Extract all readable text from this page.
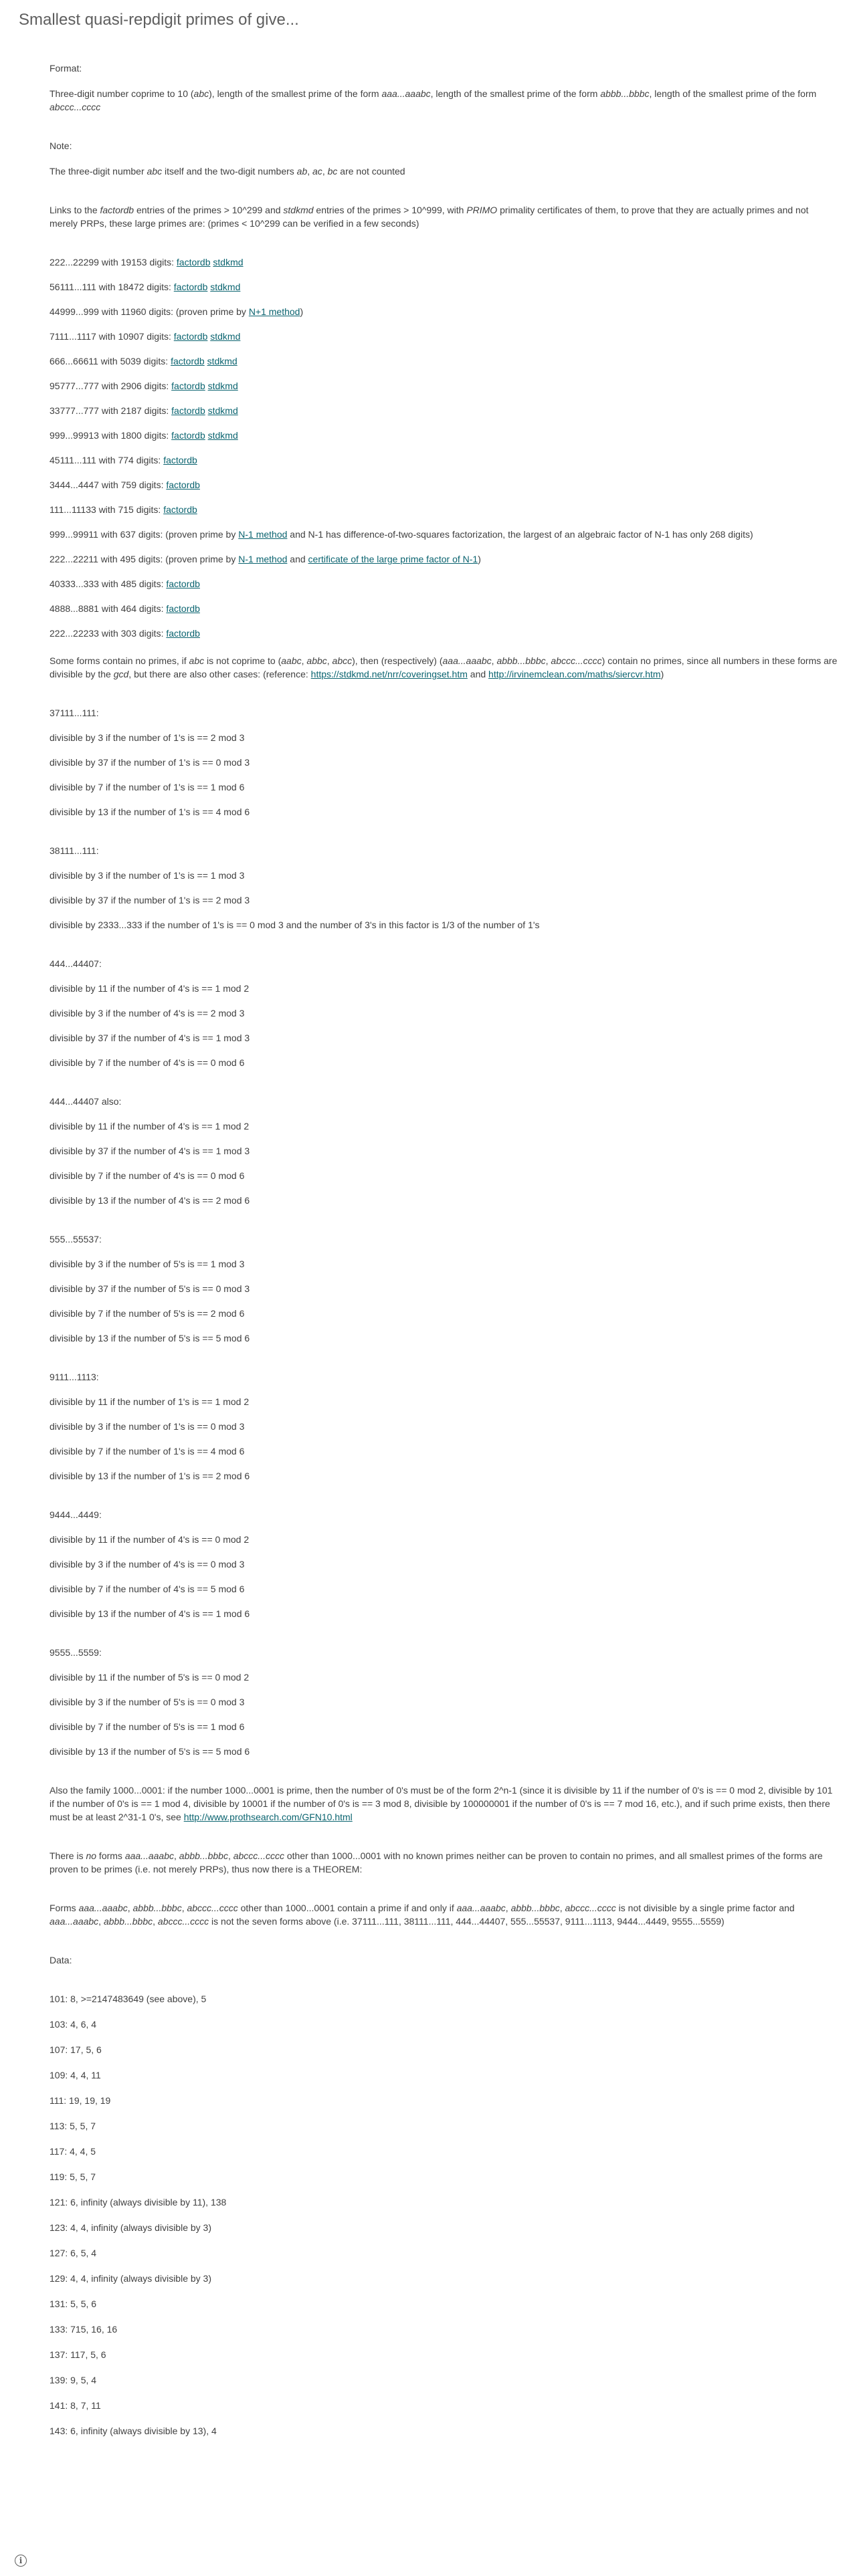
Smallest quasi-repdigit primes of give...
Format:
Three-digit number coprime to 10 (abc), length of the smallest prime of the form aaa...aaabc, length of the smallest prime of the form abbb...bbbc, length of the smallest prime of the form abccc...cccc
Note:
The three-digit number abc itself and the two-digit numbers ab, ac, bc are not counted
Links to the factordb entries of the primes > 10^299 and stdkmd entries of the primes > 10^999, with PRIMO primality certificates of them, to prove that they are actually primes and not merely PRPs, these large primes are: (primes < 10^299 can be verified in a few seconds)
222...22299 with 19153 digits: factordb stdkmd
56111...111 with 18472 digits: factordb stdkmd
44999...999 with 11960 digits: (proven prime by N+1 method)
7111...1117 with 10907 digits: factordb stdkmd
666...66611 with 5039 digits: factordb stdkmd
95777...777 with 2906 digits: factordb stdkmd
33777...777 with 2187 digits: factordb stdkmd
999...99913 with 1800 digits: factordb stdkmd
45111...111 with 774 digits: factordb
3444...4447 with 759 digits: factordb
111...11133 with 715 digits: factordb
999...99911 with 637 digits: (proven prime by N-1 method and N-1 has difference-of-two-squares factorization, the largest of an algebraic factor of N-1 has only 268 digits)
222...22211 with 495 digits: (proven prime by N-1 method and certificate of the large prime factor of N-1)
40333...333 with 485 digits: factordb
4888...8881 with 464 digits: factordb
222...22233 with 303 digits: factordb
Some forms contain no primes, if abc is not coprime to (aabc, abbc, abcc), then (respectively) (aaa...aaabc, abbb...bbbc, abccc...cccc) contain no primes, since all numbers in these forms are divisible by the gcd, but there are also other cases: (reference: https://stdkmd.net/nrr/coveringset.htm and http://irvinemclean.com/maths/siercvr.htm)
37111...111:
divisible by 3 if the number of 1's is == 2 mod 3
divisible by 37 if the number of 1's is == 0 mod 3
divisible by 7 if the number of 1's is == 1 mod 6
divisible by 13 if the number of 1's is == 4 mod 6
38111...111:
divisible by 3 if the number of 1's is == 1 mod 3
divisible by 37 if the number of 1's is == 2 mod 3
divisible by 2333...333 if the number of 1's is == 0 mod 3 and the number of 3's in this factor is 1/3 of the number of 1's
444...44407:
divisible by 11 if the number of 4's is == 1 mod 2
divisible by 3 if the number of 4's is == 2 mod 3
divisible by 37 if the number of 4's is == 1 mod 3
divisible by 7 if the number of 4's is == 0 mod 6
444...44407 also:
divisible by 11 if the number of 4's is == 1 mod 2
divisible by 37 if the number of 4's is == 1 mod 3
divisible by 7 if the number of 4's is == 0 mod 6
divisible by 13 if the number of 4's is == 2 mod 6
555...55537:
divisible by 3 if the number of 5's is == 1 mod 3
divisible by 37 if the number of 5's is == 0 mod 3
divisible by 7 if the number of 5's is == 2 mod 6
divisible by 13 if the number of 5's is == 5 mod 6
9111...1113:
divisible by 11 if the number of 1's is == 1 mod 2
divisible by 3 if the number of 1's is == 0 mod 3
divisible by 7 if the number of 1's is == 4 mod 6
divisible by 13 if the number of 1's is == 2 mod 6
9444...4449:
divisible by 11 if the number of 4's is == 0 mod 2
divisible by 3 if the number of 4's is == 0 mod 3
divisible by 7 if the number of 4's is == 5 mod 6
divisible by 13 if the number of 4's is == 1 mod 6
9555...5559:
divisible by 11 if the number of 5's is == 0 mod 2
divisible by 3 if the number of 5's is == 0 mod 3
divisible by 7 if the number of 5's is == 1 mod 6
divisible by 13 if the number of 5's is == 5 mod 6
Also the family 1000...0001: if the number 1000...0001 is prime, then the number of 0's must be of the form 2^n-1 (since it is divisible by 11 if the number of 0's is == 0 mod 2, divisible by 101 if the number of 0's is == 1 mod 4, divisible by 10001 if the number of 0's is == 3 mod 8, divisible by 100000001 if the number of 0's is == 7 mod 16, etc.), and if such prime exists, then there must be at least 2^31-1 0's, see http://www.prothsearch.com/GFN10.html
There is no forms aaa...aaabc, abbb...bbbc, abccc...cccc other than 1000...0001 with no known primes neither can be proven to contain no primes, and all smallest primes of the forms are proven to be primes (i.e. not merely PRPs), thus now there is a THEOREM:
Forms aaa...aaabc, abbb...bbbc, abccc...cccc other than 1000...0001 contain a prime if and only if aaa...aaabc, abbb...bbbc, abccc...cccc is not divisible by a single prime factor and aaa...aaabc, abbb...bbbc, abccc...cccc is not the seven forms above (i.e. 37111...111, 38111...111, 444...44407, 555...55537, 9111...1113, 9444...4449, 9555...5559)
Data:
101: 8, >=2147483649 (see above), 5
103: 4, 6, 4
107: 17, 5, 6
109: 4, 4, 11
111: 19, 19, 19
113: 5, 5, 7
117: 4, 4, 5
119: 5, 5, 7
121: 6, infinity (always divisible by 11), 138
123: 4, 4, infinity (always divisible by 3)
127: 6, 5, 4
129: 4, 4, infinity (always divisible by 3)
131: 5, 5, 6
133: 715, 16, 16
137: 117, 5, 6
139: 9, 5, 4
141: 8, 7, 11
143: 6, infinity (always divisible by 13), 4
i
